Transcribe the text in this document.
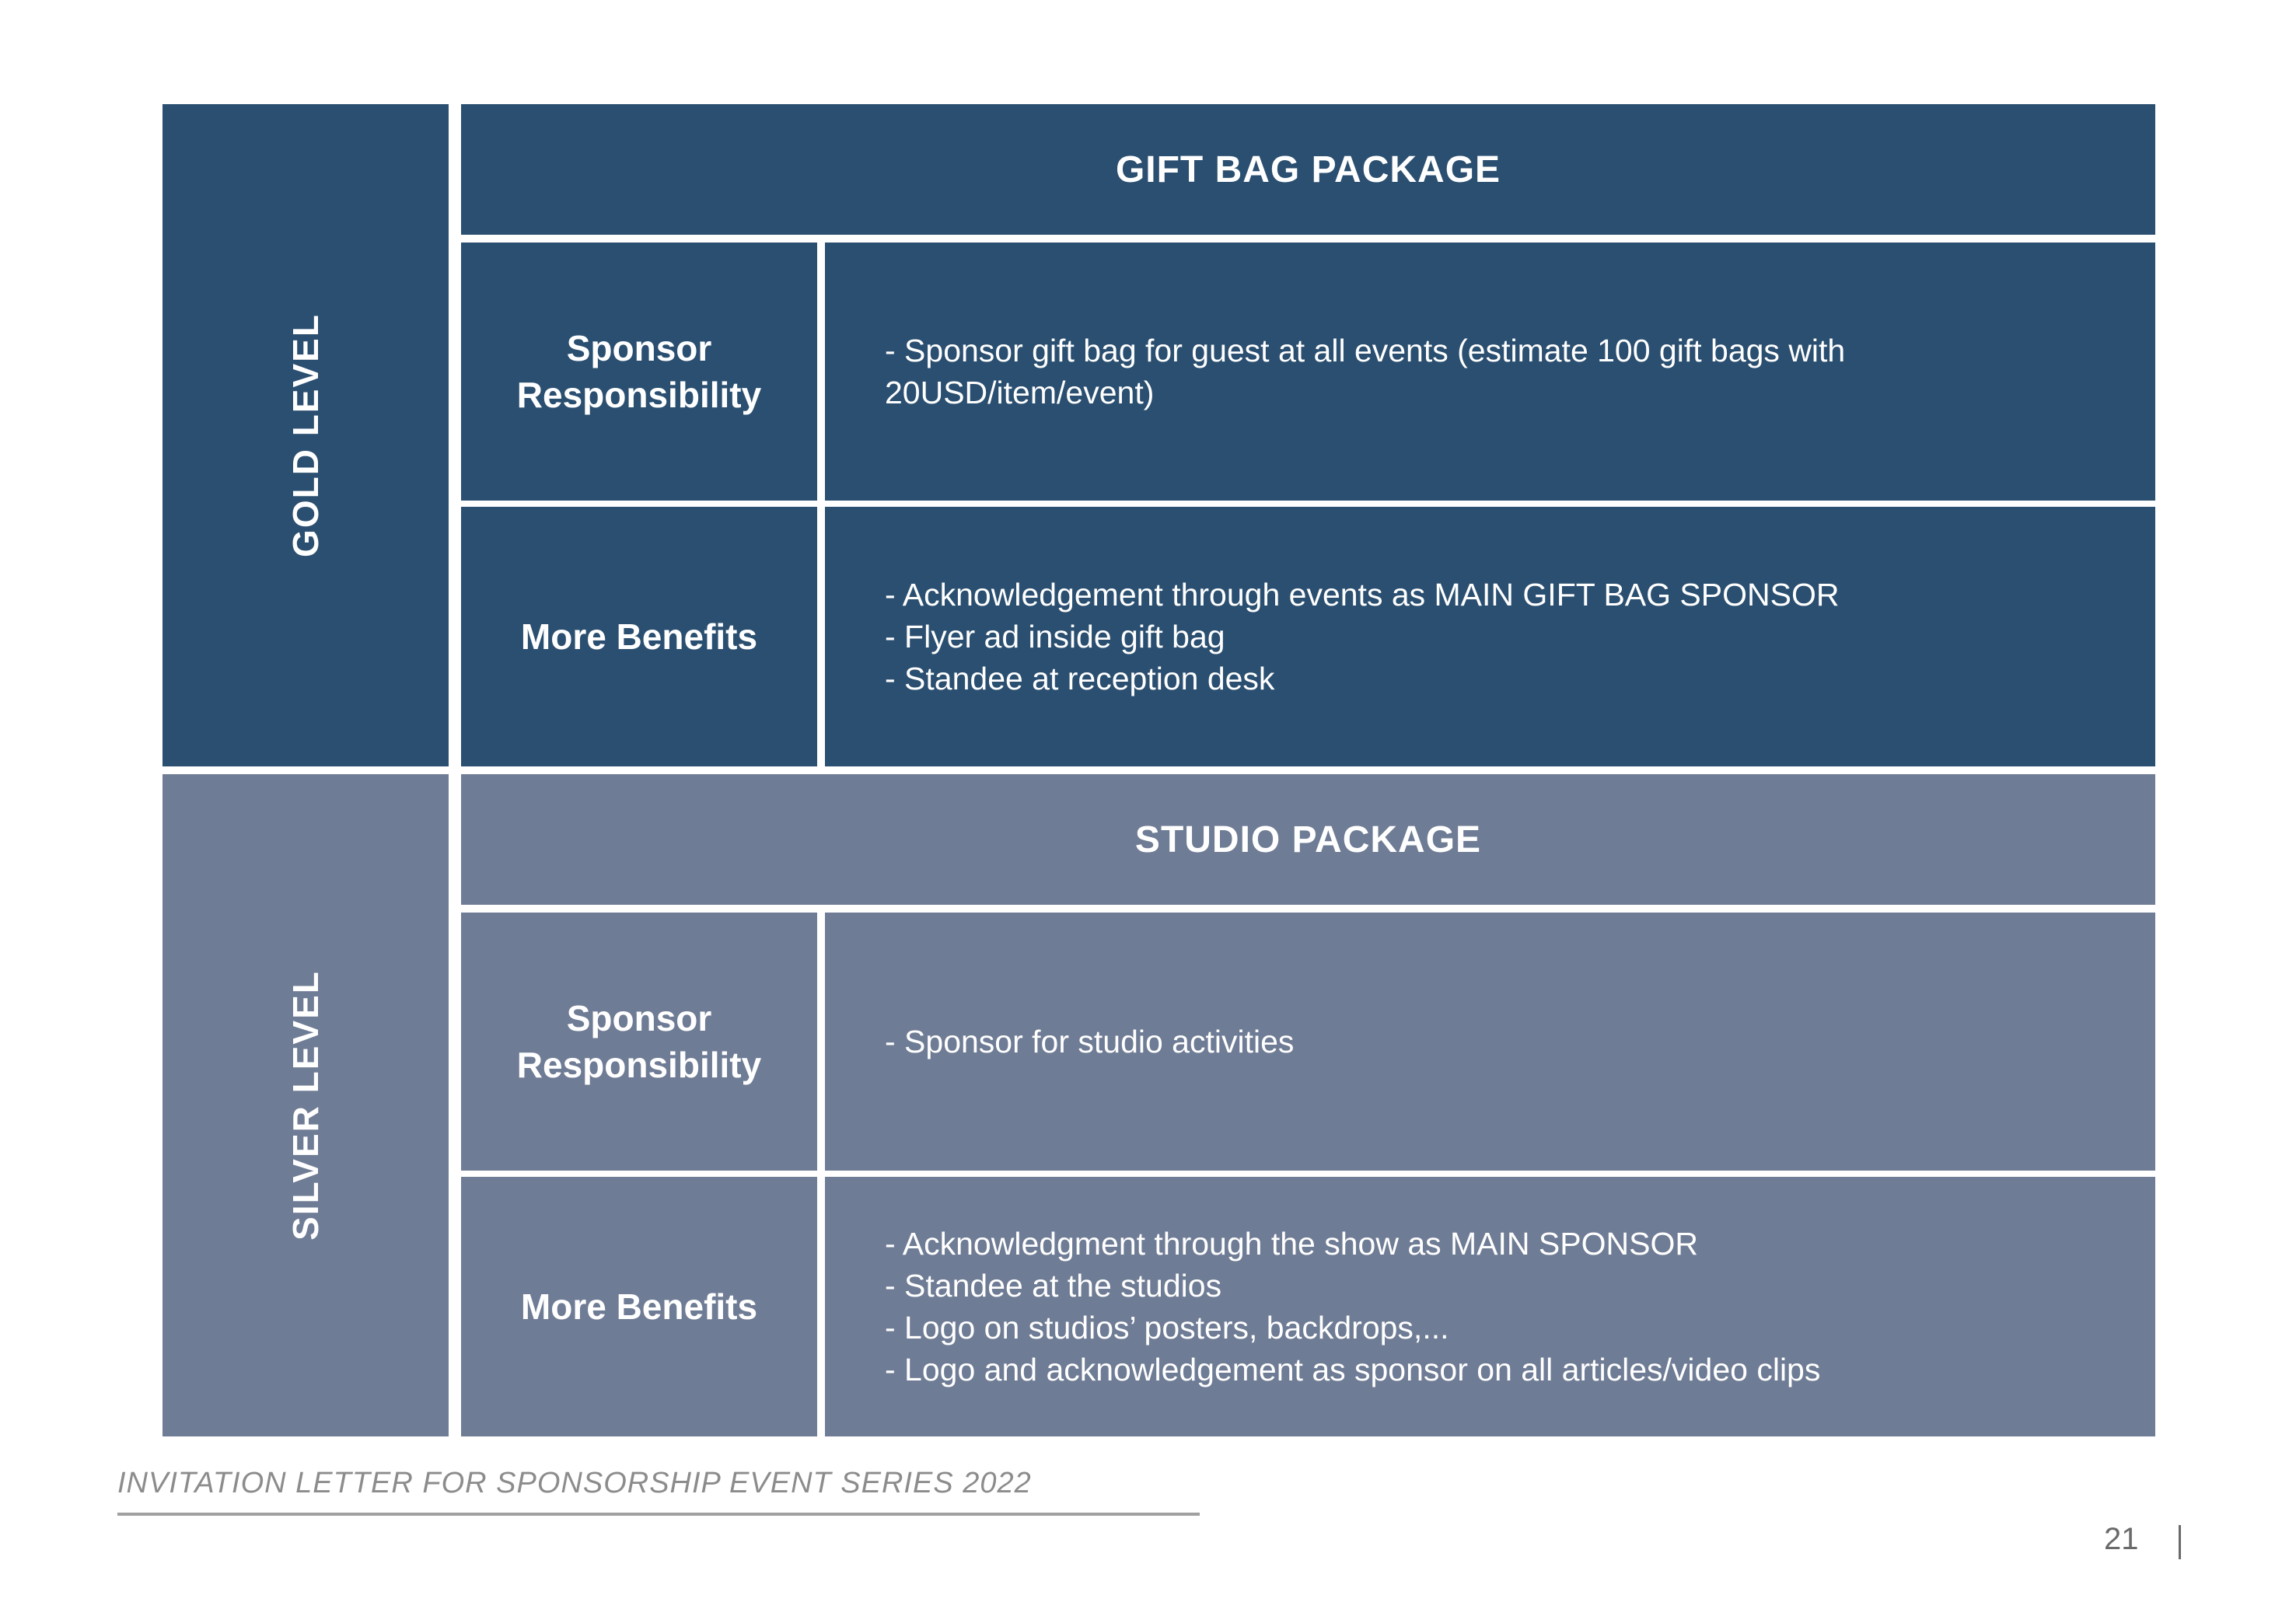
GOLD LEVEL
GIFT BAG PACKAGE
Sponsor Responsibility
- Sponsor gift bag for guest at all events (estimate 100 gift bags with 20USD/item/event)
More Benefits
- Acknowledgement through events as MAIN GIFT BAG SPONSOR
- Flyer ad inside gift bag
- Standee at reception desk
SILVER LEVEL
STUDIO PACKAGE
Sponsor Responsibility
- Sponsor for studio activities
More Benefits
- Acknowledgment through the show as MAIN SPONSOR
- Standee at the studios
- Logo on studios’ posters, backdrops,...
- Logo and acknowledgement as sponsor on all articles/video clips
INVITATION LETTER FOR SPONSORSHIP EVENT SERIES 2022
21
